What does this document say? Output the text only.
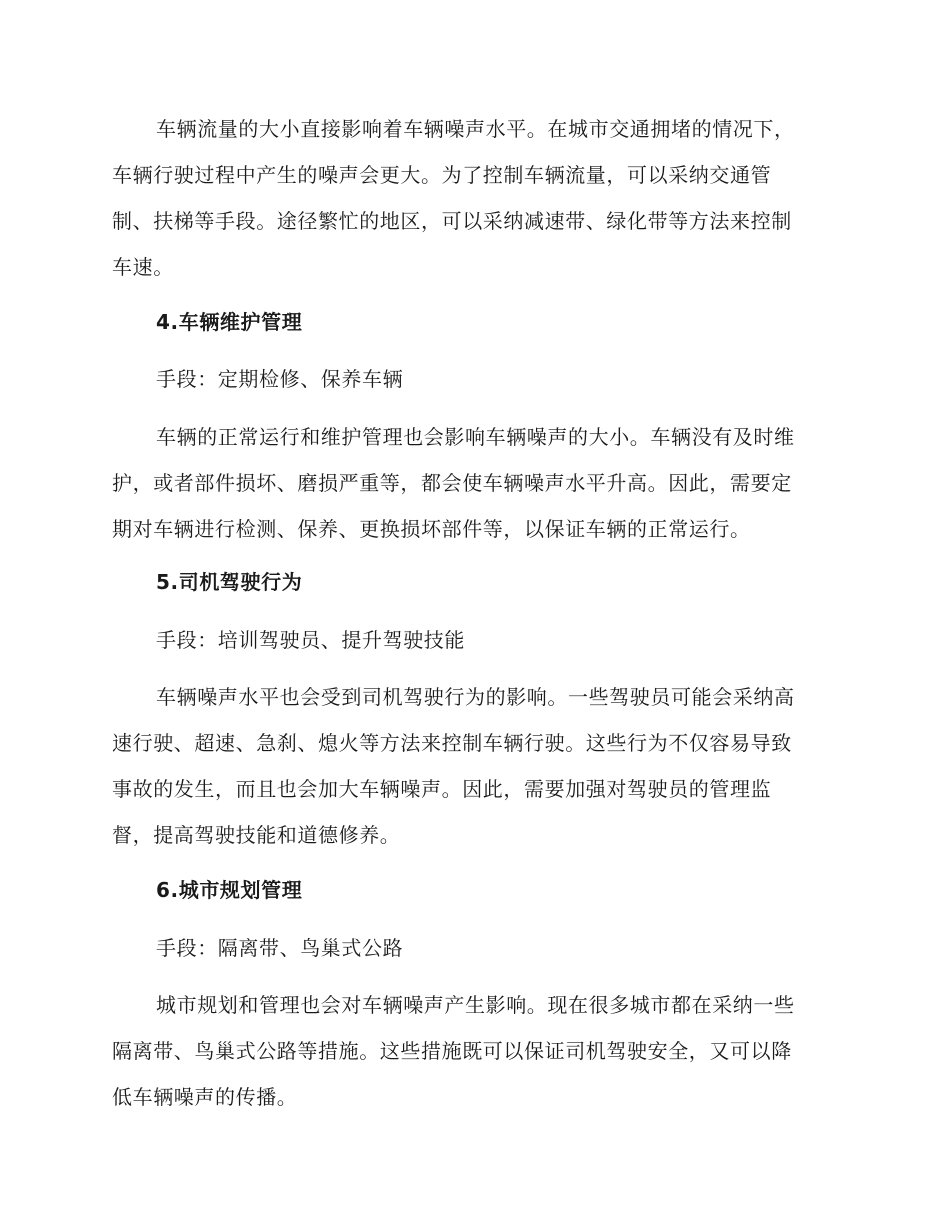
车辆流量的大小直接影响着车辆噪声水平。在城市交通拥堵的情况下，
车辆行驶过程中产生的噪声会更大。为了控制车辆流量，可以采纳交通管
制、扶梯等手段。途径繁忙的地区，可以采纳减速带、绿化带等方法来控制
车速。
4.车辆维护管理
手段：定期检修、保养车辆
车辆的正常运行和维护管理也会影响车辆噪声的大小。车辆没有及时维
护，或者部件损坏、磨损严重等，都会使车辆噪声水平升高。因此，需要定
期对车辆进行检测、保养、更换损坏部件等，以保证车辆的正常运行。
5.司机驾驶行为
手段：培训驾驶员、提升驾驶技能
车辆噪声水平也会受到司机驾驶行为的影响。一些驾驶员可能会采纳高
速行驶、超速、急刹、熄火等方法来控制车辆行驶。这些行为不仅容易导致
事故的发生，而且也会加大车辆噪声。因此，需要加强对驾驶员的管理监
督，提高驾驶技能和道德修养。
6.城市规划管理
手段：隔离带、鸟巢式公路
城市规划和管理也会对车辆噪声产生影响。现在很多城市都在采纳一些
隔离带、鸟巢式公路等措施。这些措施既可以保证司机驾驶安全，又可以降
低车辆噪声的传播。
